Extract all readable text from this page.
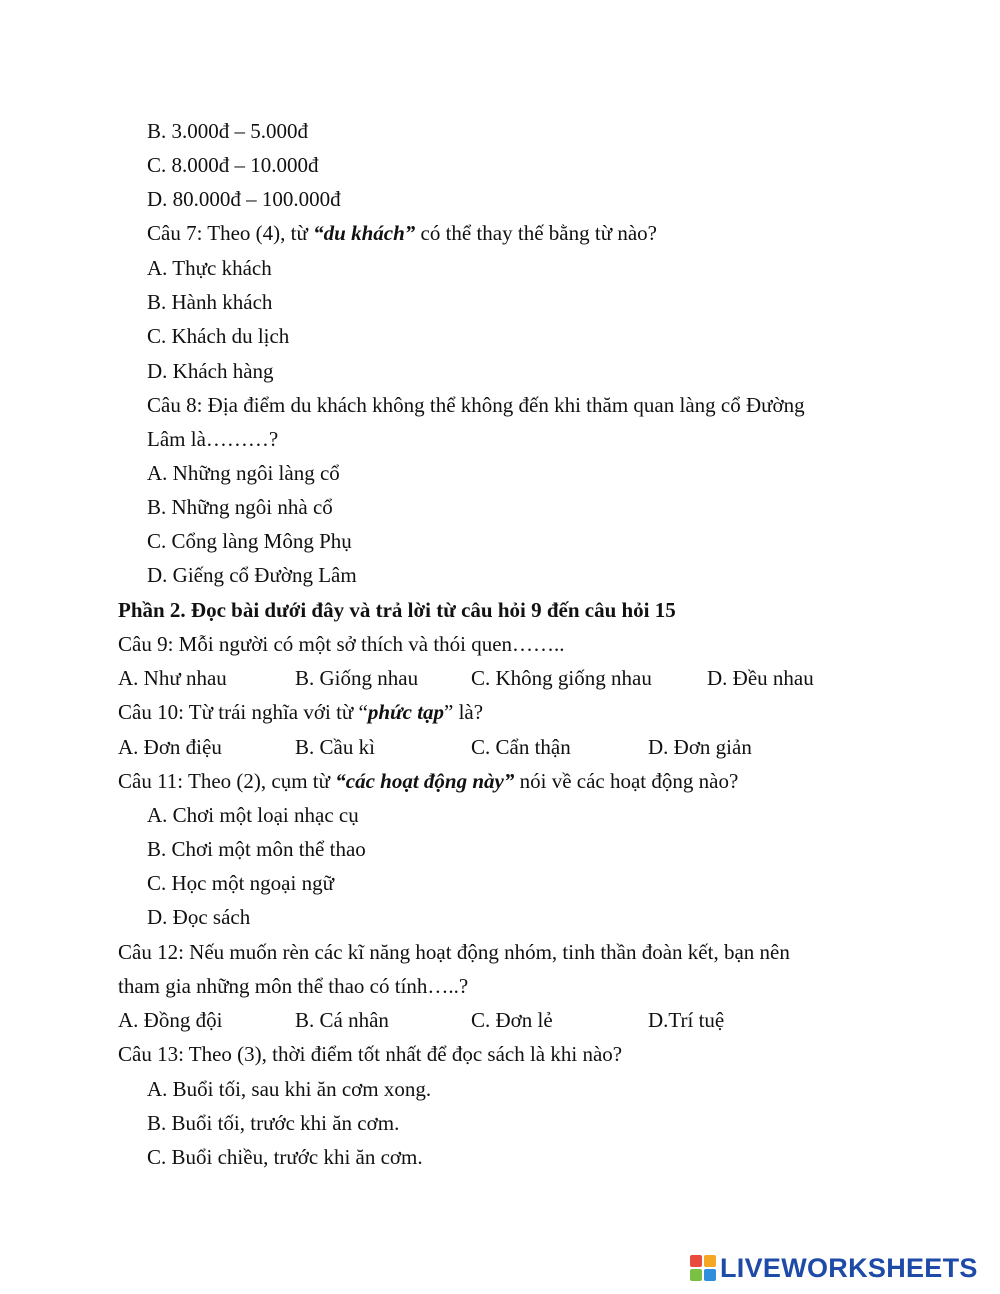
B. 3.000đ – 5.000đ
C. 8.000đ – 10.000đ
D. 80.000đ – 100.000đ
Câu 7: Theo (4), từ “du khách” có thể thay thế bằng từ nào?
A. Thực khách
B. Hành khách
C. Khách du lịch
D. Khách hàng
Câu 8: Địa điểm du khách không thể không đến khi thăm quan làng cổ Đường
Lâm là………?
A. Những ngôi làng cổ
B. Những ngôi nhà cổ
C. Cổng làng Mông Phụ
D. Giếng cổ Đường Lâm
Phần 2. Đọc bài dưới đây và trả lời từ câu hỏi 9 đến câu hỏi 15
Câu 9: Mỗi người có một sở thích và thói quen……..
A. Như nhau	B. Giống nhau	C. Không giống nhau	D. Đều nhau
Câu 10: Từ trái nghĩa với từ “phức tạp” là?
A. Đơn điệu	B. Cầu kì	C. Cẩn thận	D. Đơn giản
Câu 11: Theo (2), cụm từ “các hoạt động này” nói về các hoạt động nào?
A. Chơi một loại nhạc cụ
B. Chơi một môn thể thao
C. Học một ngoại ngữ
D. Đọc sách
Câu 12: Nếu muốn rèn các kĩ năng hoạt động nhóm, tinh thần đoàn kết, bạn nên
tham gia những môn thể thao có tính…..?
A. Đồng đội	B. Cá nhân	C. Đơn lẻ	D.Trí tuệ
Câu 13: Theo (3), thời điểm tốt nhất để đọc sách là khi nào?
A. Buổi tối, sau khi ăn cơm xong.
B. Buổi tối, trước khi ăn cơm.
C. Buổi chiều, trước khi ăn cơm.
LIVEWORKSHEETS
